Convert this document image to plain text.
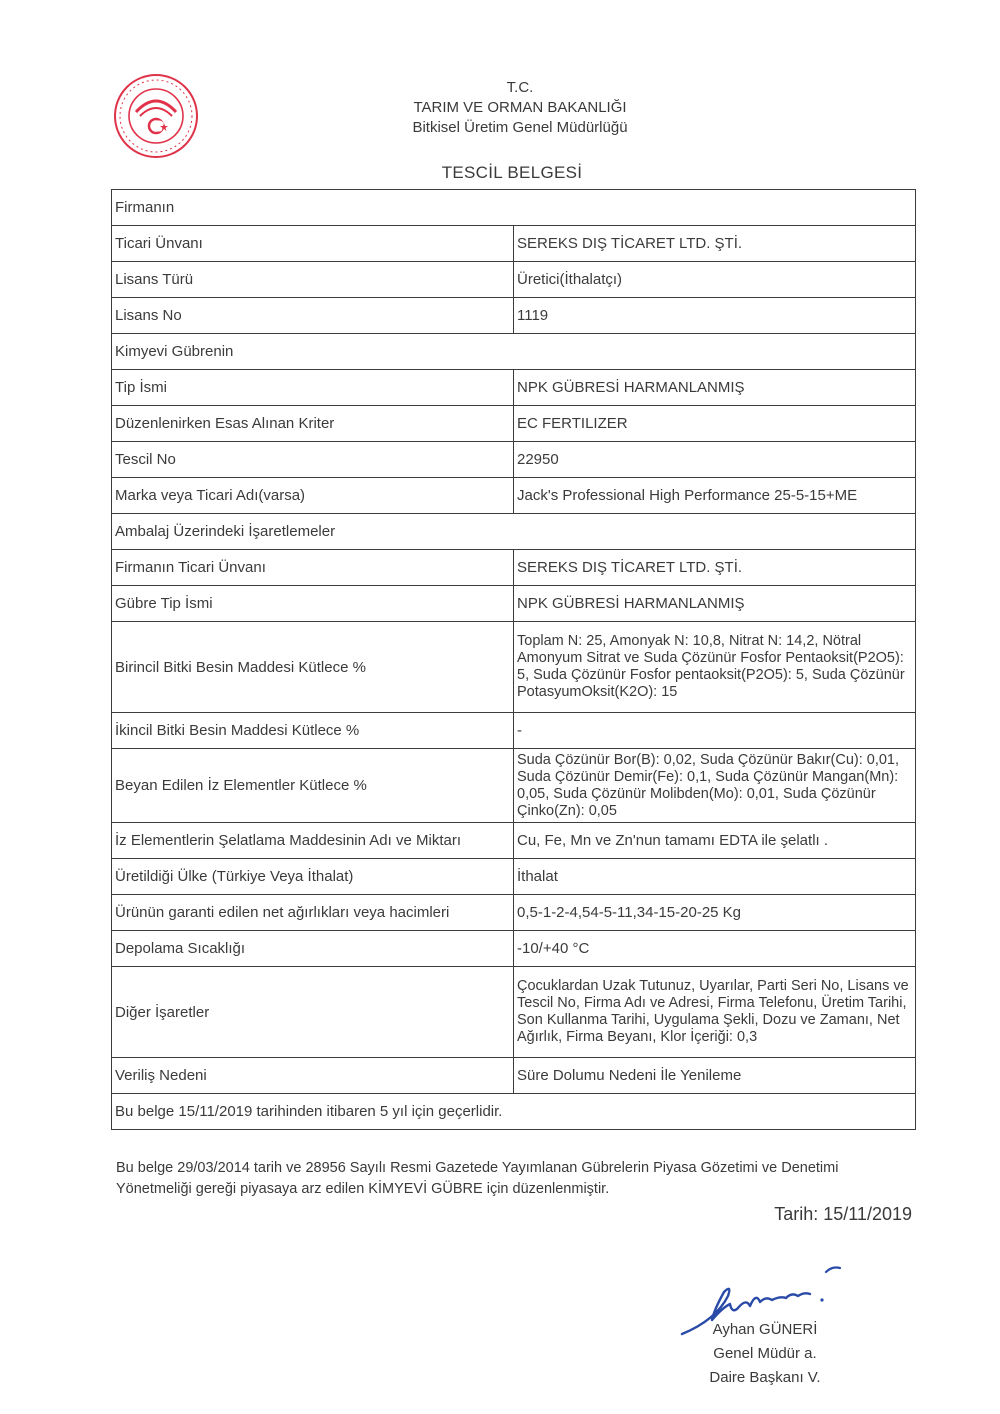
T.C.
TARIM VE ORMAN BAKANLIĞI
Bitkisel Üretim Genel Müdürlüğü
TESCİL BELGESİ
Firmanın	
Ticari Ünvanı	SEREKS DIŞ TİCARET LTD. ŞTİ.
Lisans Türü	Üretici(İthalatçı)
Lisans No	1119
Kimyevi Gübrenin	
Tip İsmi	NPK GÜBRESİ HARMANLANMIŞ
Düzenlenirken Esas Alınan Kriter	EC FERTILIZER
Tescil No	22950
Marka veya Ticari Adı(varsa)	Jack's Professional High Performance 25-5-15+ME
Ambalaj Üzerindeki İşaretlemeler	
Firmanın Ticari Ünvanı	SEREKS DIŞ TİCARET LTD. ŞTİ.
Gübre Tip İsmi	NPK GÜBRESİ HARMANLANMIŞ
Birincil Bitki Besin Maddesi Kütlece %	Toplam N: 25, Amonyak N: 10,8, Nitrat N: 14,2, Nötral Amonyum Sitrat ve Suda Çözünür Fosfor Pentaoksit(P2O5): 5, Suda Çözünür Fosfor pentaoksit(P2O5): 5, Suda Çözünür PotasyumOksit(K2O): 15
İkincil Bitki Besin Maddesi Kütlece %	-
Beyan Edilen İz Elementler Kütlece %	Suda Çözünür Bor(B): 0,02, Suda Çözünür Bakır(Cu): 0,01, Suda Çözünür Demir(Fe): 0,1, Suda Çözünür Mangan(Mn): 0,05, Suda Çözünür Molibden(Mo): 0,01, Suda Çözünür Çinko(Zn): 0,05
İz Elementlerin Şelatlama Maddesinin Adı ve Miktarı	Cu, Fe, Mn ve Zn'nun tamamı EDTA ile şelatlı .
Üretildiği Ülke (Türkiye Veya İthalat)	İthalat
Ürünün garanti edilen net ağırlıkları veya hacimleri	0,5-1-2-4,54-5-11,34-15-20-25 Kg
Depolama Sıcaklığı	-10/+40 °C
Diğer İşaretler	Çocuklardan Uzak Tutunuz, Uyarılar, Parti Seri No, Lisans ve Tescil No, Firma Adı ve Adresi, Firma Telefonu, Üretim Tarihi, Son Kullanma Tarihi, Uygulama Şekli, Dozu ve Zamanı, Net Ağırlık, Firma Beyanı, Klor İçeriği: 0,3
Veriliş Nedeni	Süre Dolumu Nedeni İle Yenileme
Bu belge 15/11/2019 tarihinden itibaren 5 yıl için geçerlidir.	
Bu belge 29/03/2014 tarih ve 28956 Sayılı Resmi Gazetede Yayımlanan Gübrelerin Piyasa Gözetimi ve Denetimi Yönetmeliği gereği piyasaya arz edilen KİMYEVİ GÜBRE için düzenlenmiştir.
Tarih: 15/11/2019
Ayhan GÜNERİ
Genel Müdür a.
Daire Başkanı V.
